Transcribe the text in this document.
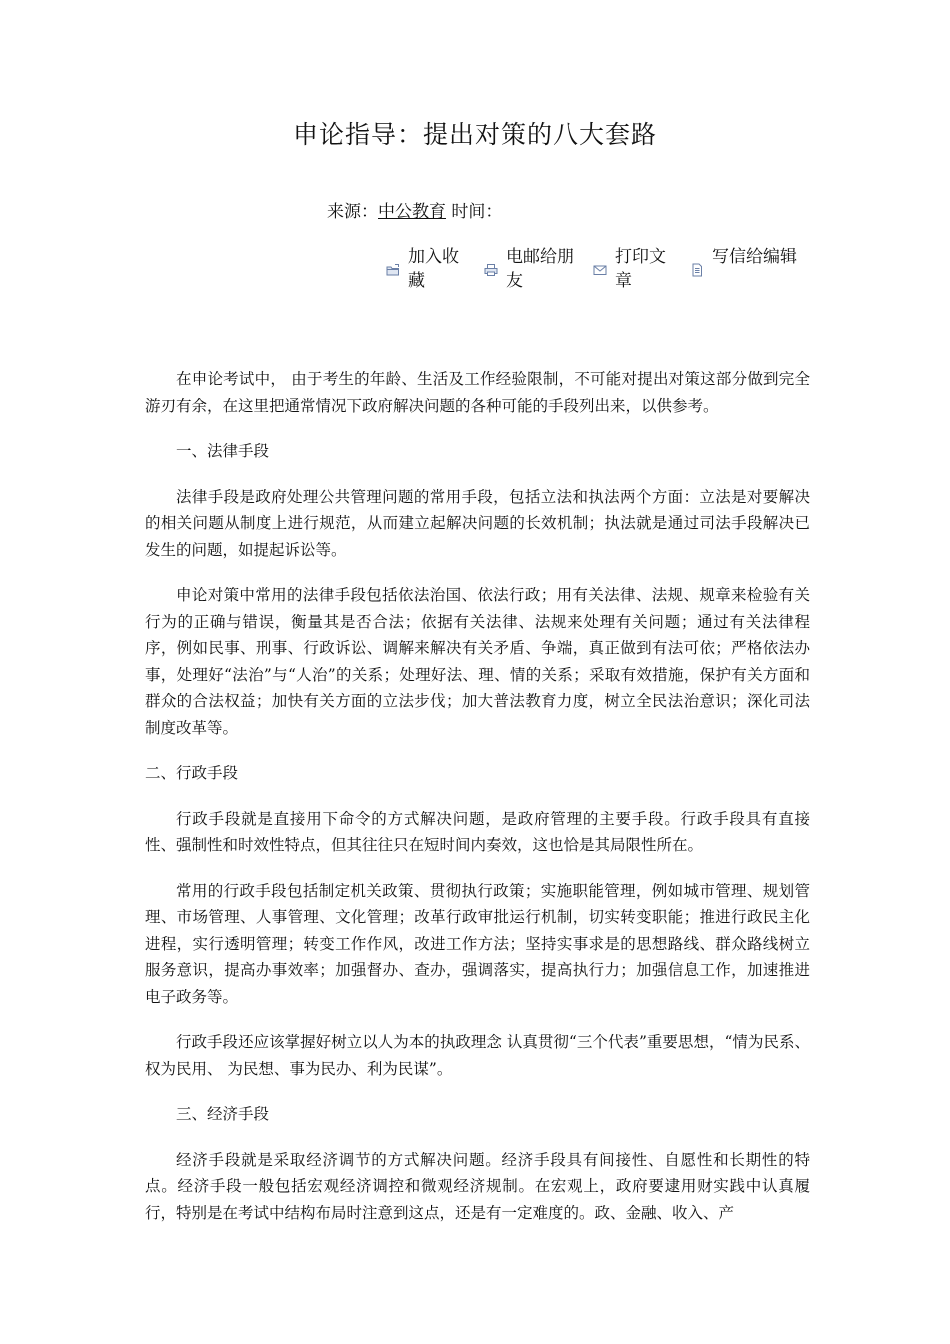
申论指导：提出对策的八大套路
来源：中公教育 时间：
加入收藏
电邮给朋友
打印文章
写信给编辑

在申论考试中， 由于考生的年龄、生活及工作经验限制，不可能对提出对策这部分做到完全游刃有余，在这里把通常情况下政府解决问题的各种可能的手段列出来，以供参考。

一、法律手段

法律手段是政府处理公共管理问题的常用手段，包括立法和执法两个方面：立法是对要解决的相关问题从制度上进行规范，从而建立起解决问题的长效机制；执法就是通过司法手段解决已发生的问题，如提起诉讼等。

申论对策中常用的法律手段包括依法治国、依法行政；用有关法律、法规、规章来检验有关行为的正确与错误，衡量其是否合法；依据有关法律、法规来处理有关问题；通过有关法律程序，例如民事、刑事、行政诉讼、调解来解决有关矛盾、争端，真正做到有法可依；严格依法办事，处理好“法治”与“人治”的关系；处理好法、理、情的关系；采取有效措施，保护有关方面和群众的合法权益；加快有关方面的立法步伐；加大普法教育力度，树立全民法治意识；深化司法制度改革等。

二、行政手段

行政手段就是直接用下命令的方式解决问题，是政府管理的主要手段。行政手段具有直接性、强制性和时效性特点，但其往往只在短时间内奏效，这也恰是其局限性所在。

常用的行政手段包括制定机关政策、贯彻执行政策；实施职能管理，例如城市管理、规划管理、市场管理、人事管理、文化管理；改革行政审批运行机制，切实转变职能；推进行政民主化进程，实行透明管理；转变工作作风，改进工作方法；坚持实事求是的思想路线、群众路线树立服务意识，提高办事效率；加强督办、查办，强调落实，提高执行力；加强信息工作，加速推进电子政务等。

行政手段还应该掌握好树立以人为本的执政理念 认真贯彻“三个代表”重要思想，“情为民系、权为民用、 为民想、事为民办、利为民谋”。

三、经济手段

经济手段就是采取经济调节的方式解决问题。经济手段具有间接性、自愿性和长期性的特点。经济手段一般包括宏观经济调控和微观经济规制。在宏观上，政府要逮用财实践中认真履行，特别是在考试中结构布局时注意到这点，还是有一定难度的。政、金融、收入、产
